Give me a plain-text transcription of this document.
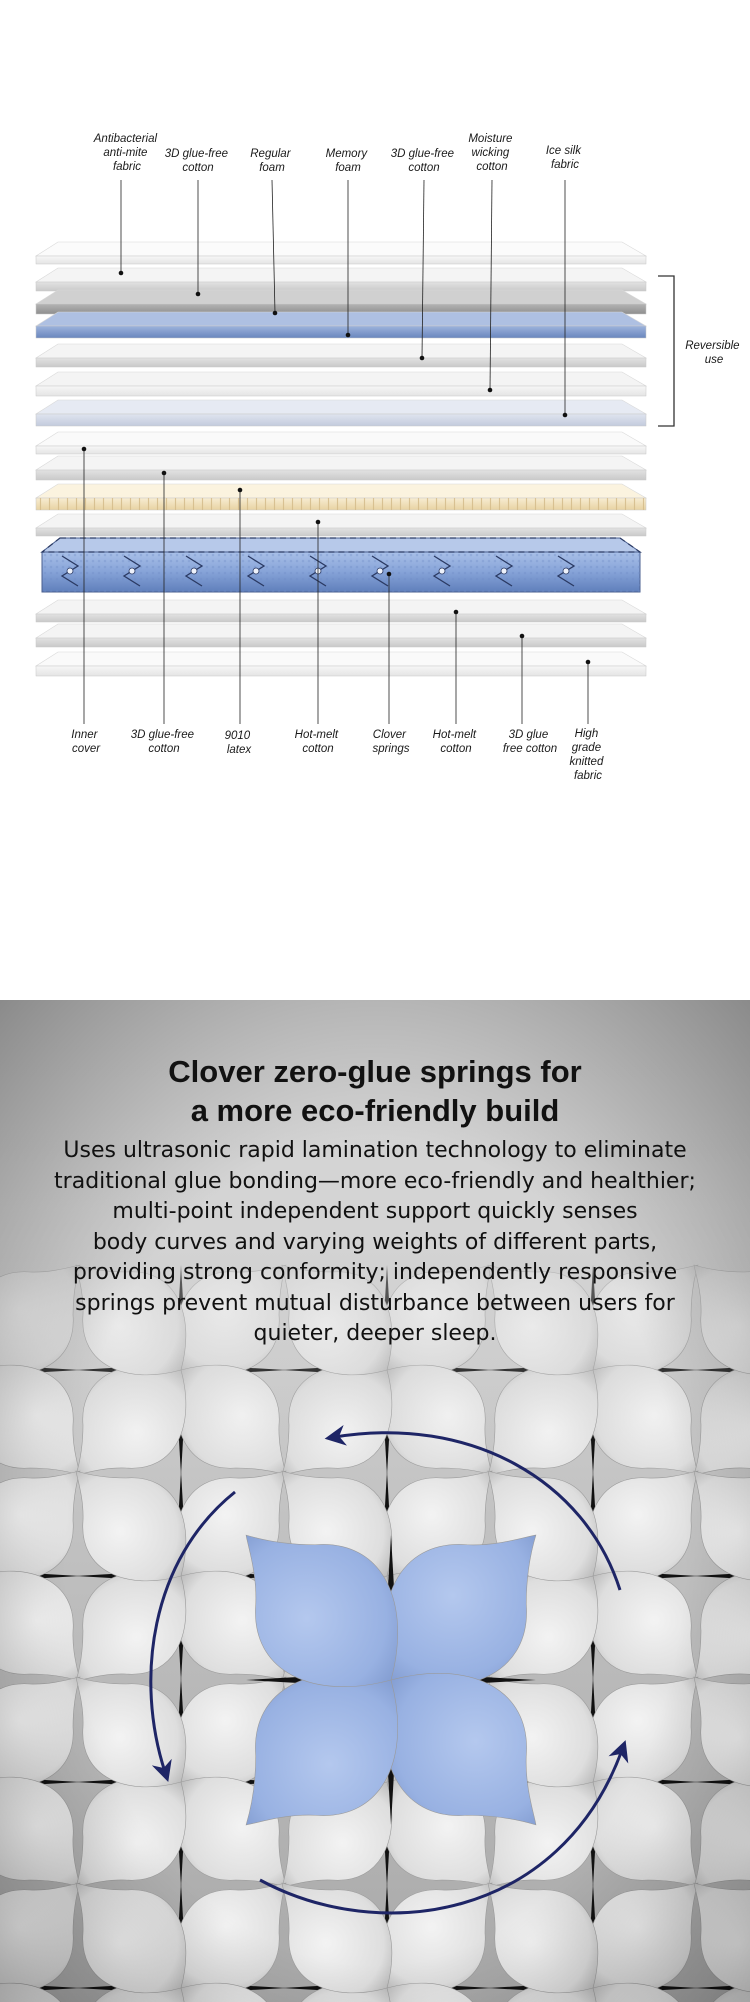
Antibacterial anti-mite fabric
3D glue-free cotton
Regular foam
Memory foam
3D glue-free cotton
Moisture wicking cotton
Ice silk fabric
Reversible use
Inner cover
3D glue-free cotton
9010 latex
Hot-melt cotton
Clover springs
Hot-melt cotton
3D glue free cotton
High grade knitted fabric
Clover zero-glue springs for
a more eco-friendly build

Uses ultrasonic rapid lamination technology to eliminate
traditional glue bonding—more eco-friendly and healthier;
multi-point independent support quickly senses
body curves and varying weights of different parts,
providing strong conformity; independently responsive
springs prevent mutual disturbance between users for
quieter, deeper sleep.
